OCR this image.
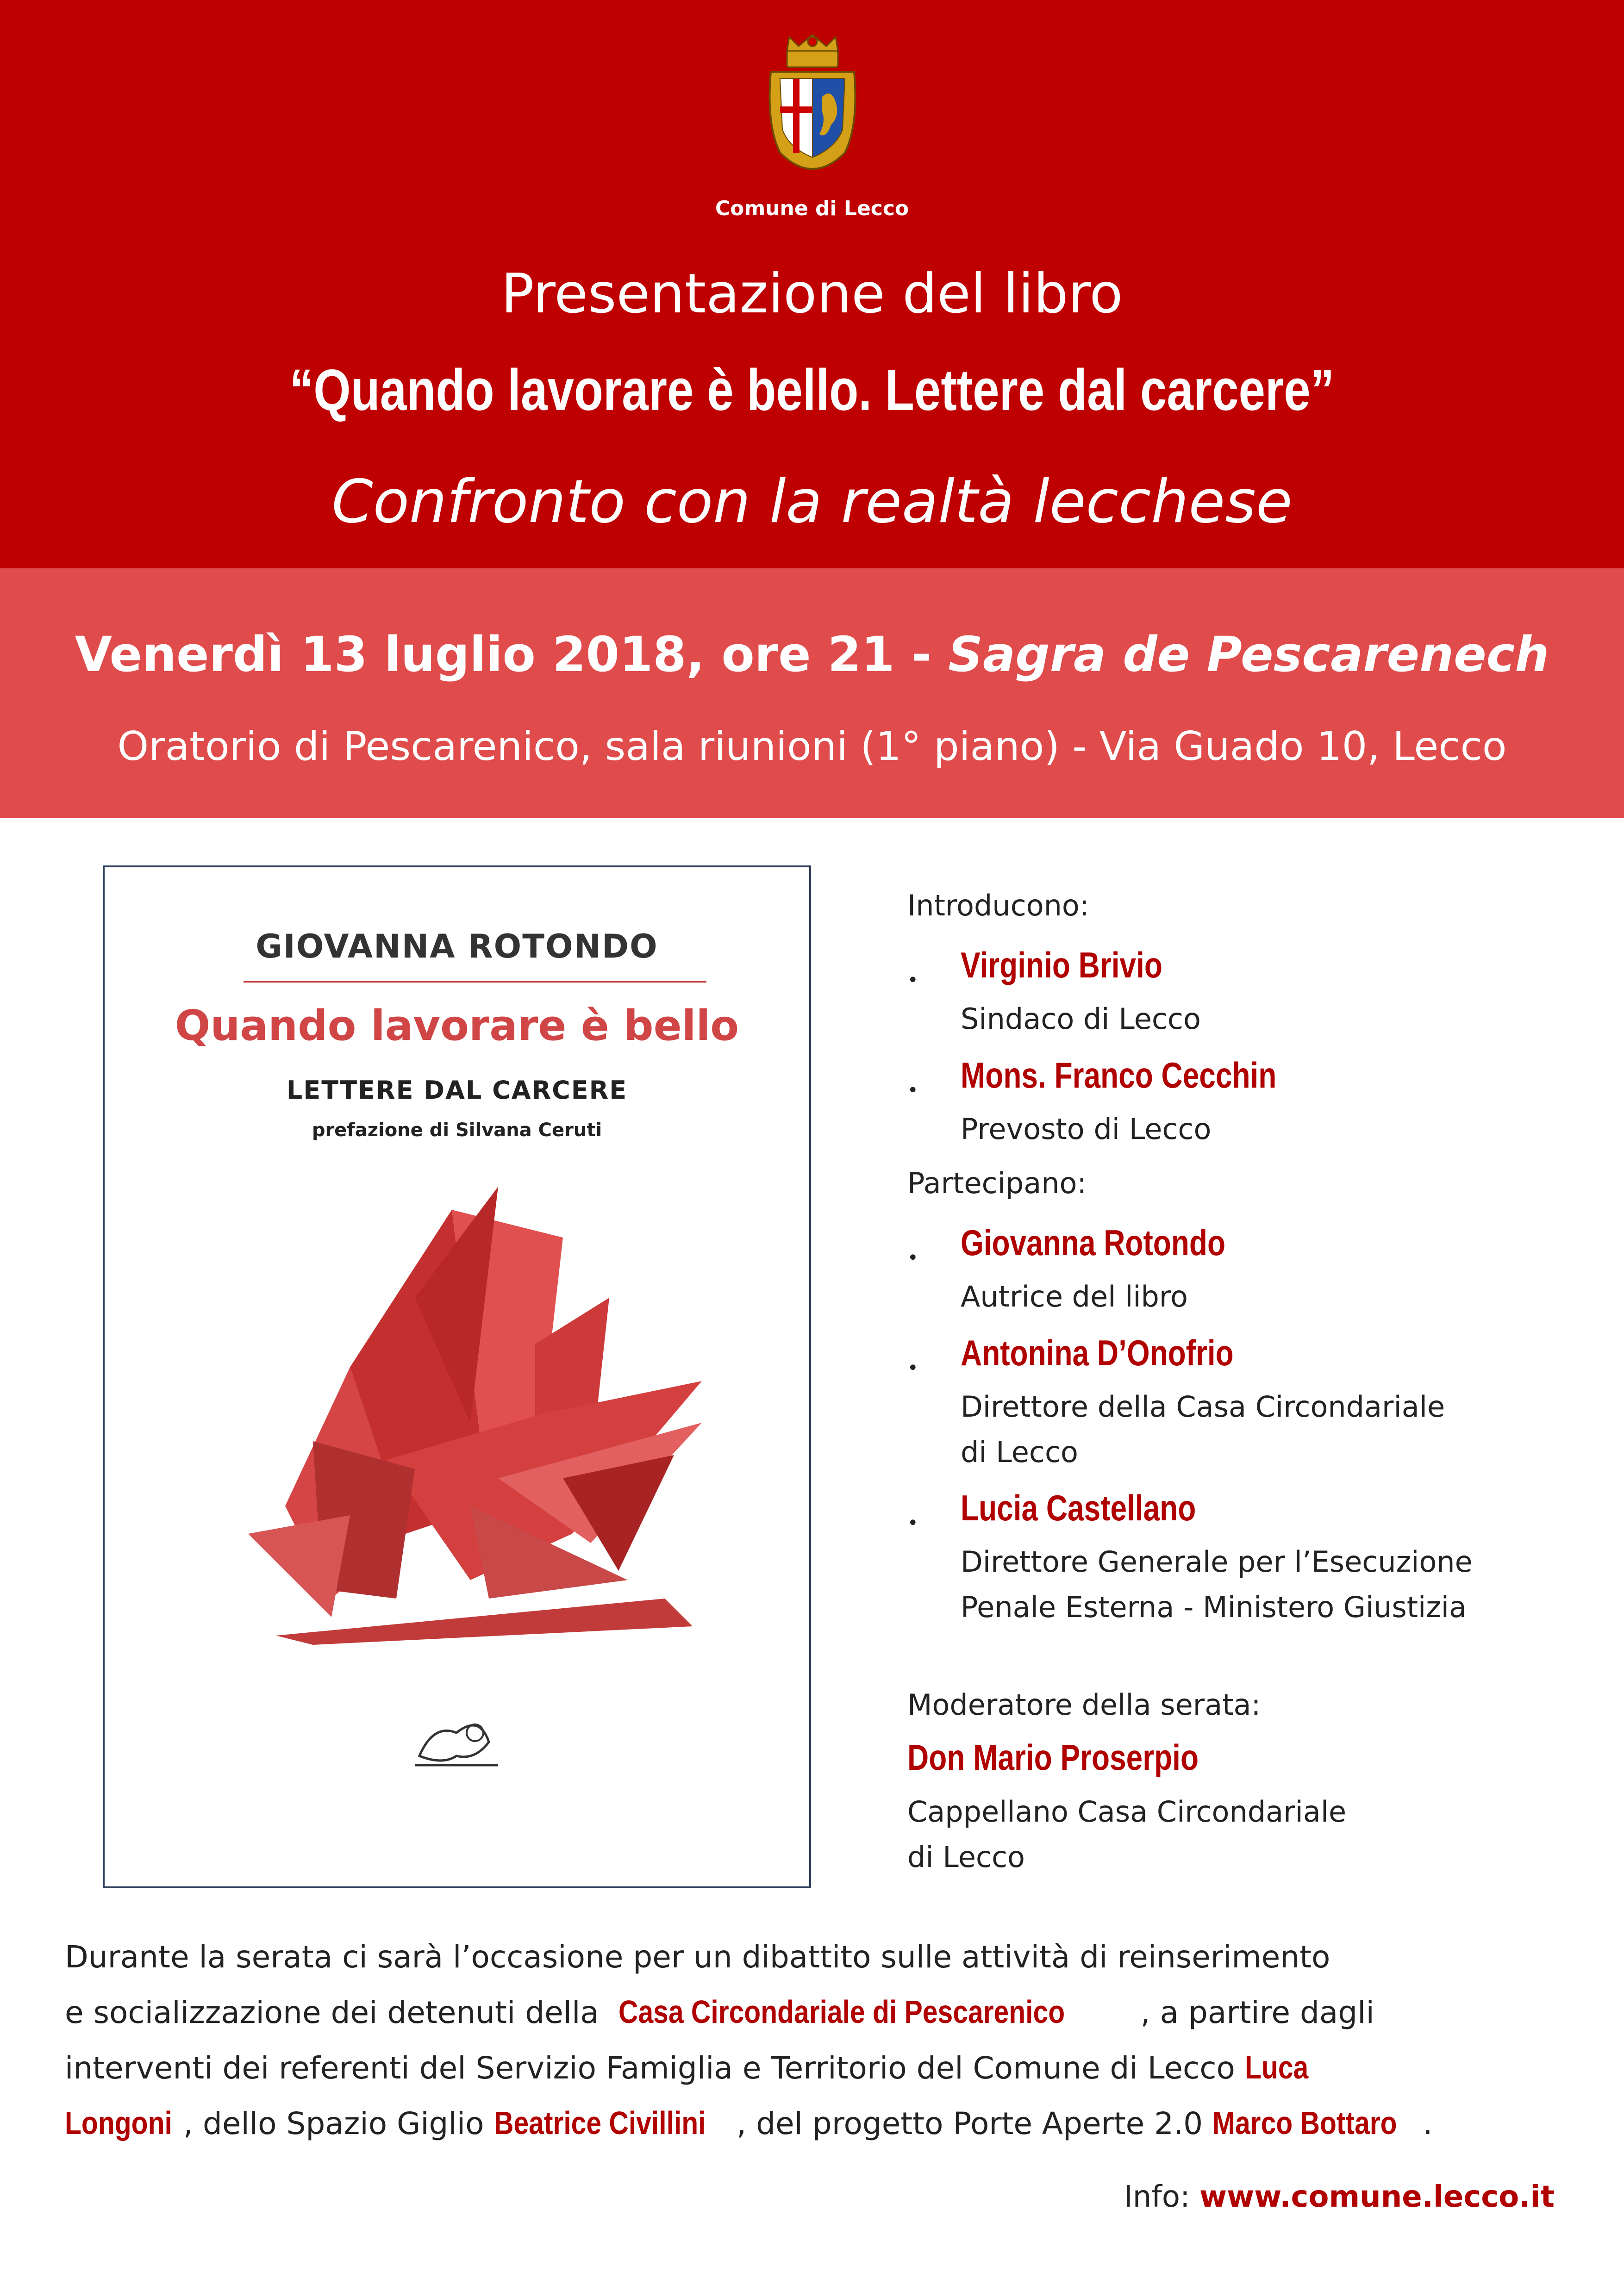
Comune di Lecco
Presentazione del libro
“Quando lavorare è bello. Lettere dal carcere”
Confronto con la realtà lecchese
Venerdì 13 luglio 2018, ore 21 - Sagra de Pescarenech
Oratorio di Pescarenico, sala riunioni (1° piano) - Via Guado 10, Lecco
GIOVANNA ROTONDO
Quando lavorare è bello
LETTERE DAL CARCERE
prefazione di Silvana Ceruti
Introducono:
• Virginio Brivio
Sindaco di Lecco
• Mons. Franco Cecchin
Prevosto di Lecco
Partecipano:
• Giovanna Rotondo
Autrice del libro
• Antonina D’Onofrio
Direttore della Casa Circondariale
di Lecco
• Lucia Castellano
Direttore Generale per l’Esecuzione
Penale Esterna - Ministero Giustizia
Moderatore della serata:
Don Mario Proserpio
Cappellano Casa Circondariale
di Lecco
Durante la serata ci sarà l’occasione per un dibattito sulle attività di reinserimento
e socializzazione dei detenuti della  Casa Circondariale di Pescarenico , a partire dagli
interventi dei referenti del Servizio Famiglia e Territorio del Comune di Lecco Luca
Longoni , dello Spazio Giglio Beatrice Civillini , del progetto Porte Aperte 2.0 Marco Bottaro .
Info: www.comune.lecco.it
